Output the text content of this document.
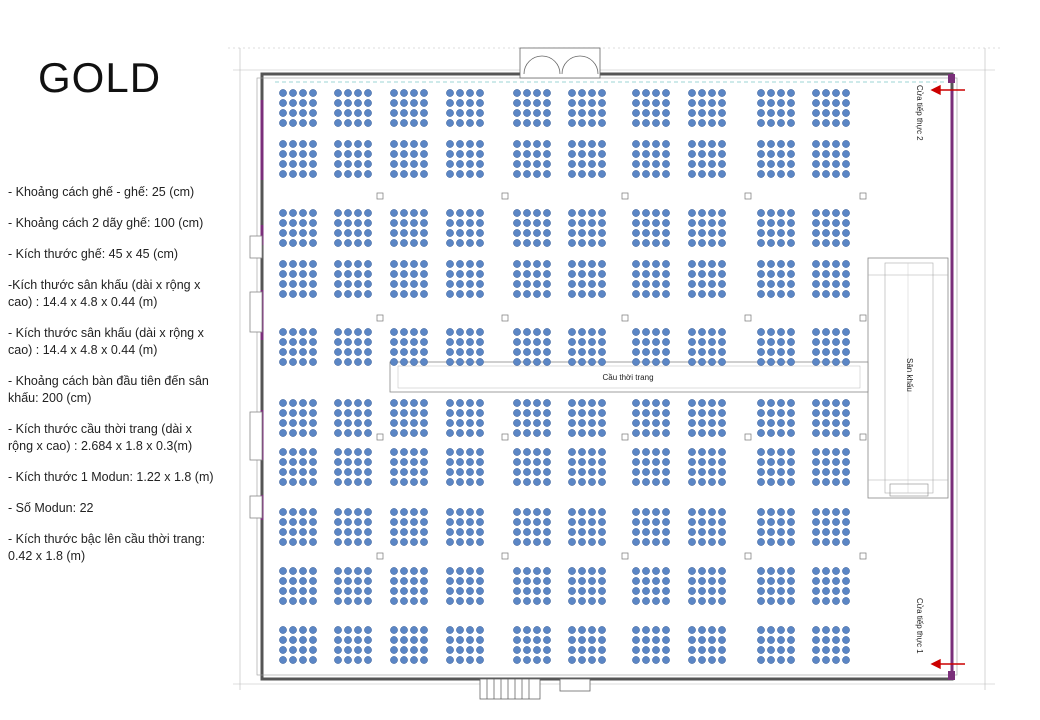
GOLD
- Khoảng cách ghế - ghế: 25 (cm)
- Khoảng cách 2 dãy ghế: 100 (cm)
- Kích thước ghế: 45 x 45 (cm)
-Kích thước sân khấu (dài x rộng x cao) : 14.4 x 4.8 x 0.44 (m)
- Kích thước sân khấu (dài x rộng x cao) : 14.4 x 4.8 x 0.44 (m)
- Khoảng cách bàn đầu tiên đến sân khấu: 200 (cm)
- Kích thước cầu thời trang (dài x rộng x cao) : 2.684 x 1.8 x 0.3(m)
- Kích thước 1 Modun: 1.22 x 1.8 (m)
- Số Modun: 22
- Kích thước bậc lên cầu thời trang: 0.42 x 1.8 (m)
Cửa tiếp thực 2
Cửa tiếp thực 1
Sân khấu
Cầu thời trang
